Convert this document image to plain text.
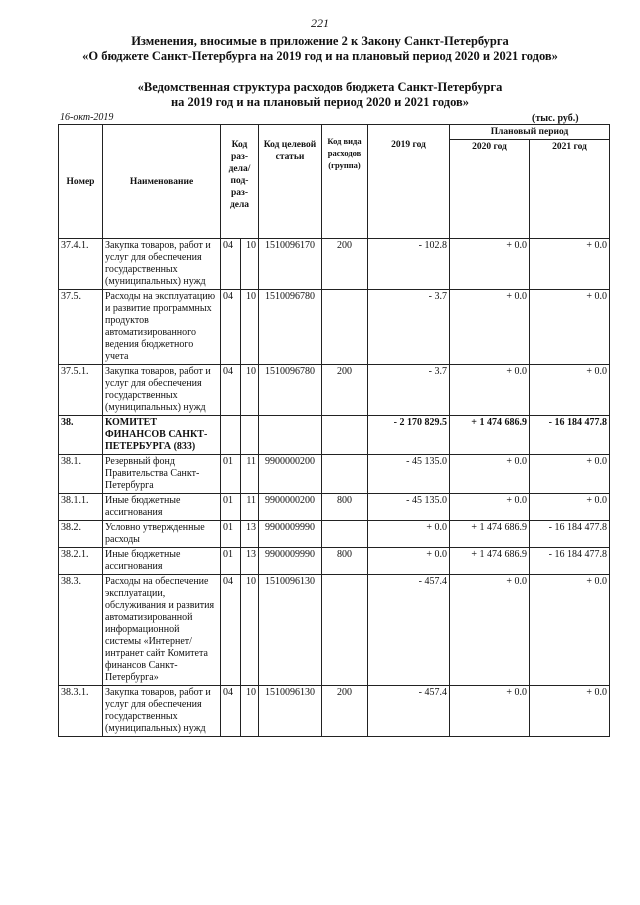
221
Изменения, вносимые в приложение 2 к Закону Санкт-Петербурга
«О бюджете Санкт-Петербурга на 2019 год и на плановый период 2020 и 2021 годов»
«Ведомственная структура расходов бюджета Санкт-Петербурга
на 2019 год и на плановый период 2020 и 2021 годов»
16-окт-2019	(тыс. руб.)
Номер	Наименование	Код раз-дела/ под-раз-дела		Код целевой статьи	Код вида расходов (группа)	2019 год	Плановый период	
							2020 год	2021 год
37.4.1.	Закупка товаров, работ и услуг для обеспечения государственных (муниципальных) нужд	04	10	1510096170	200	- 102.8	+ 0.0	+ 0.0
37.5.	Расходы на эксплуатацию и развитие программных продуктов автоматизированного ведения бюджетного учета	04	10	1510096780		- 3.7	+ 0.0	+ 0.0
37.5.1.	Закупка товаров, работ и услуг для обеспечения государственных (муниципальных) нужд	04	10	1510096780	200	- 3.7	+ 0.0	+ 0.0
38.	КОМИТЕТ ФИНАНСОВ САНКТ-ПЕТЕРБУРГА (833)					- 2 170 829.5	+ 1 474 686.9	- 16 184 477.8
38.1.	Резервный фонд Правительства Санкт-Петербурга	01	11	9900000200		- 45 135.0	+ 0.0	+ 0.0
38.1.1.	Иные бюджетные ассигнования	01	11	9900000200	800	- 45 135.0	+ 0.0	+ 0.0
38.2.	Условно утвержденные расходы	01	13	9900009990		+ 0.0	+ 1 474 686.9	- 16 184 477.8
38.2.1.	Иные бюджетные ассигнования	01	13	9900009990	800	+ 0.0	+ 1 474 686.9	- 16 184 477.8
38.3.	Расходы на обеспечение эксплуатации, обслуживания и развития автоматизированной информационной системы «Интернет/интранет сайт Комитета финансов Санкт-Петербурга»	04	10	1510096130		- 457.4	+ 0.0	+ 0.0
38.3.1.	Закупка товаров, работ и услуг для обеспечения государственных (муниципальных) нужд	04	10	1510096130	200	- 457.4	+ 0.0	+ 0.0
